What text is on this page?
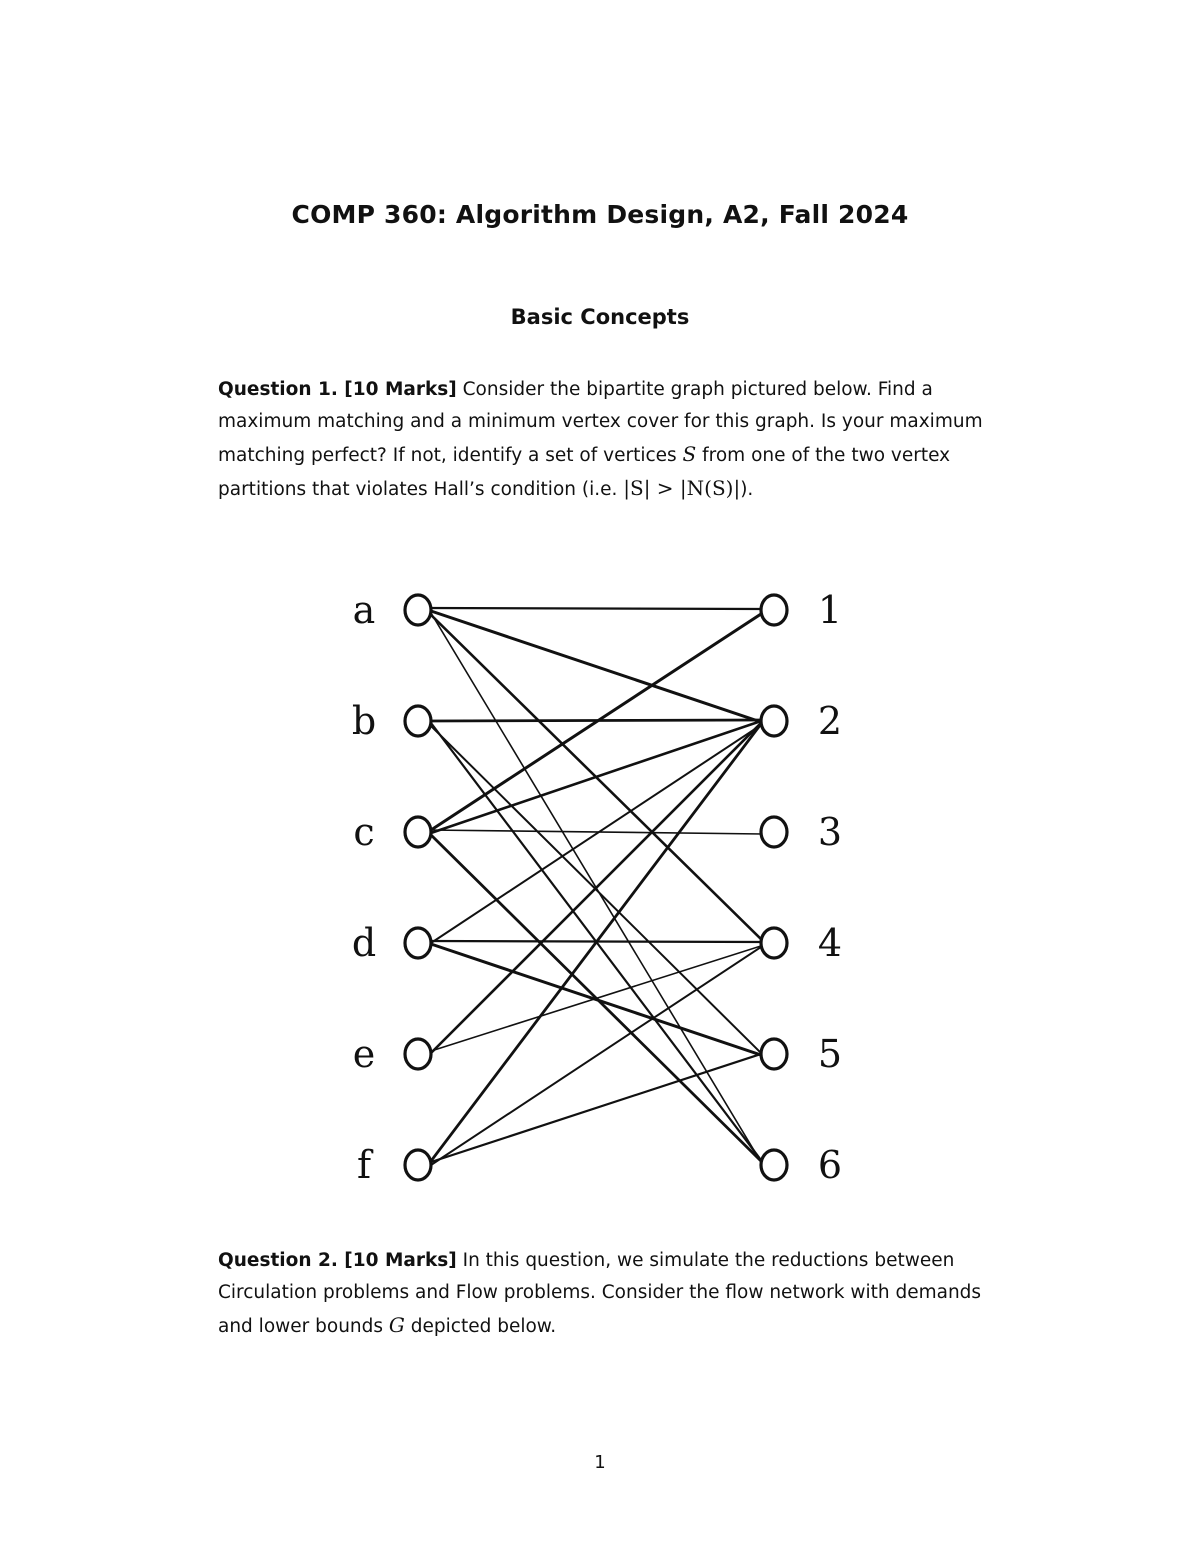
COMP 360: Algorithm Design, A2, Fall 2024
Basic Concepts
Question 1. [10 Marks] Consider the bipartite graph pictured below. Find a maximum matching and a minimum vertex cover for this graph. Is your maximum matching perfect? If not, identify a set of vertices S from one of the two vertex partitions that violates Hall’s condition (i.e. |S| > |N(S)|).
1
2
3
4
5
6
a
b
c
d
e
f
Question 2. [10 Marks] In this question, we simulate the reductions between Circulation problems and Flow problems. Consider the flow network with demands and lower bounds G depicted below.
1
